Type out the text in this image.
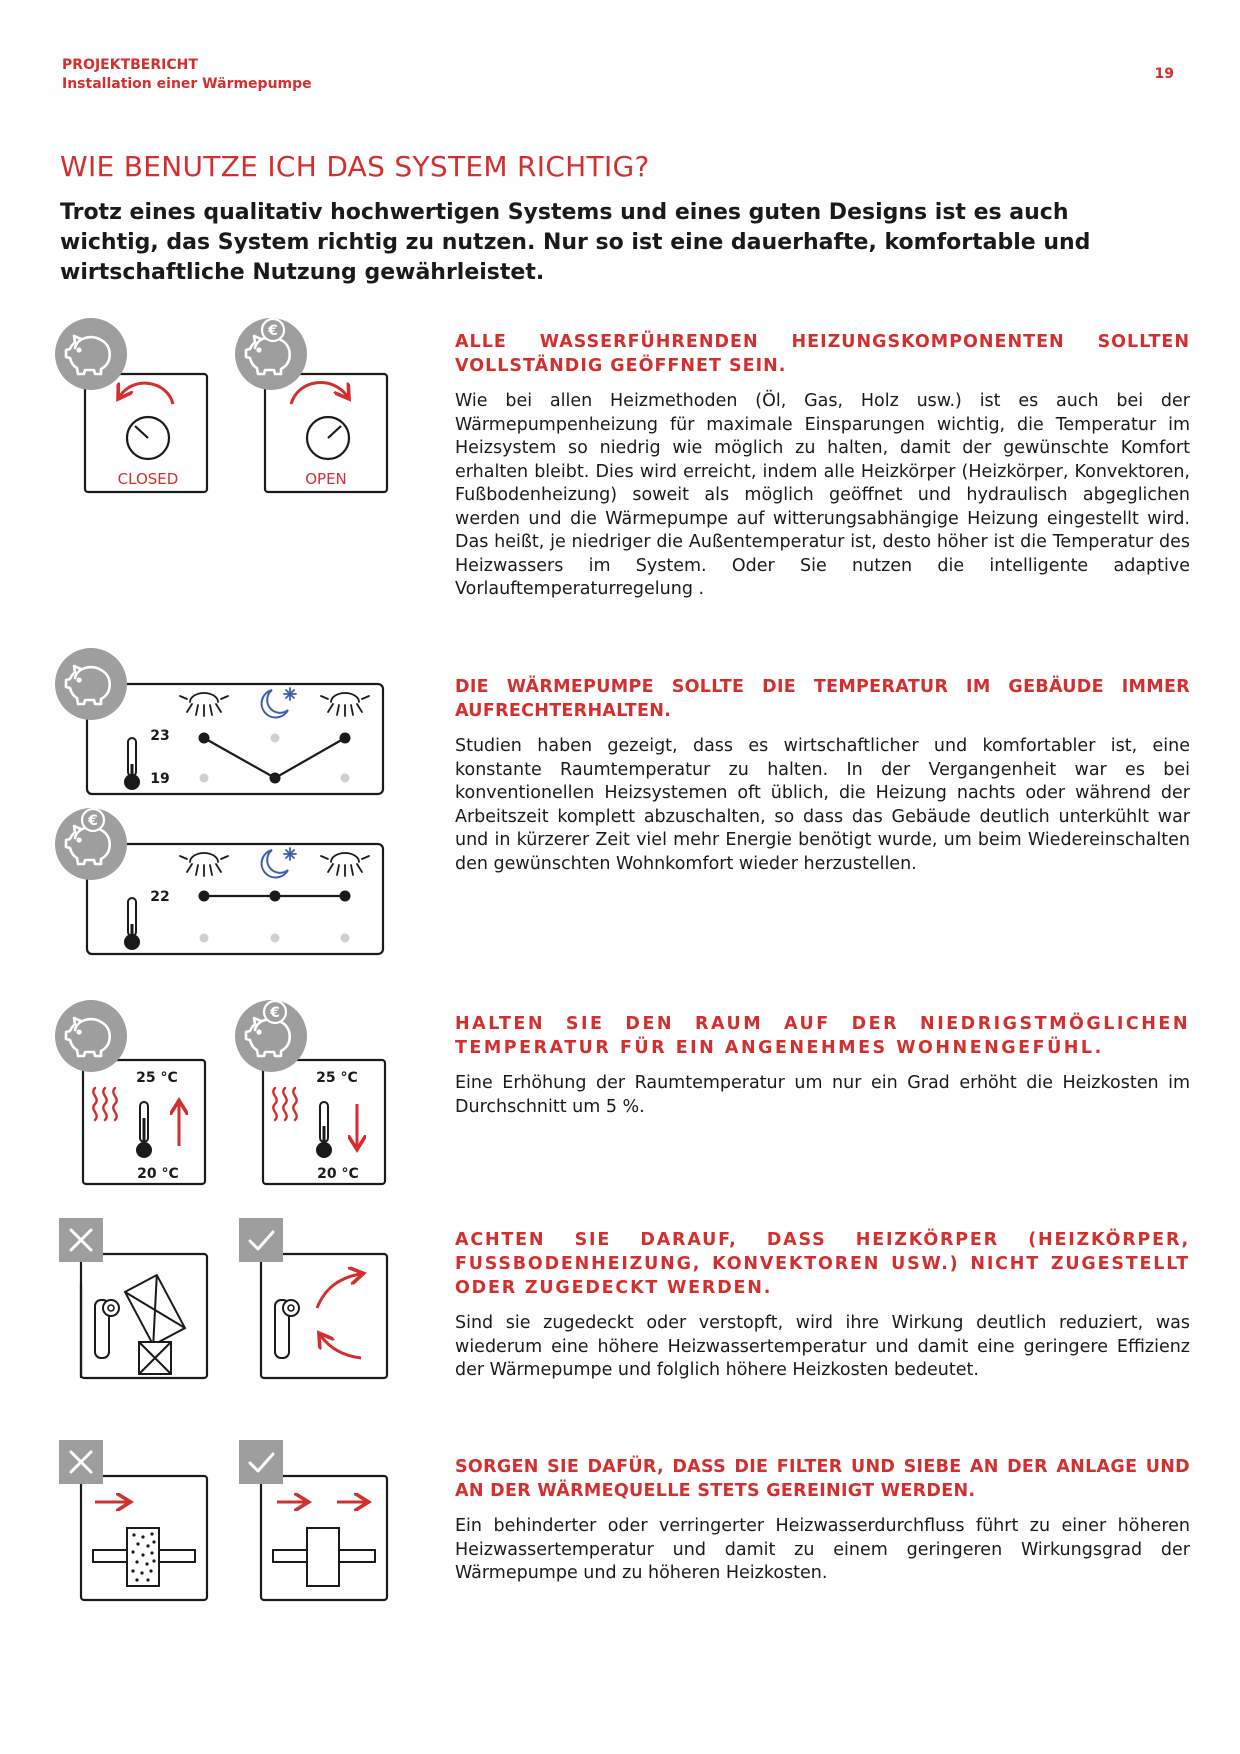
PROJEKTBERICHT
Installation einer Wärmepumpe
19
WIE BENUTZE ICH DAS SYSTEM RICHTIG?
Trotz eines qualitativ hochwertigen Systems und eines guten Designs ist es auch wichtig, das System richtig zu nutzen. Nur so ist eine dauerhafte, komfortable und wirtschaftliche Nutzung gewährleistet.
CLOSED	OPEN
ALLE WASSERFÜHRENDEN HEIZUNGSKOMPONENTEN SOLLTEN VOLLSTÄNDIG GEÖFFNET SEIN.

Wie bei allen Heizmethoden (Öl, Gas, Holz usw.) ist es auch bei der Wärmepumpenheizung für maximale Einsparungen wichtig, die Temperatur im Heizsystem so niedrig wie möglich zu halten, damit der gewünschte Komfort erhalten bleibt. Dies wird erreicht, indem alle Heizkörper (Heizkörper, Konvektoren, Fußbodenheizung) soweit als möglich geöffnet und hydraulisch abgeglichen werden und die Wärmepumpe auf witterungsabhängige Heizung eingestellt wird. Das heißt, je niedriger die Außentemperatur ist, desto höher ist die Temperatur des Heizwassers im System. Oder Sie nutzen die intelligente adaptive Vorlauftemperaturregelung .

23
19
22
DIE WÄRMEPUMPE SOLLTE DIE TEMPERATUR IM GEBÄUDE IMMER AUFRECHTERHALTEN.

Studien haben gezeigt, dass es wirtschaftlicher und komfortabler ist, eine konstante Raumtemperatur zu halten. In der Vergangenheit war es bei konventionellen Heizsystemen oft üblich, die Heizung nachts oder während der Arbeitszeit komplett abzuschalten, so dass das Gebäude deutlich unterkühlt war und in kürzerer Zeit viel mehr Energie benötigt wurde, um beim Wiedereinschalten den gewünschten Wohnkomfort wieder herzustellen.

25 °C
20 °C
25 °C
20 °C
HALTEN SIE DEN RAUM AUF DER NIEDRIGSTMÖGLICHEN TEMPERATUR FÜR EIN ANGENEHMES WOHNENGEFÜHL.

Eine Erhöhung der Raumtemperatur um nur ein Grad erhöht die Heizkosten im Durchschnitt um 5 %.

ACHTEN SIE DARAUF, DASS HEIZKÖRPER (HEIZKÖRPER, FUSSBODENHEIZUNG, KONVEKTOREN USW.) NICHT ZUGESTELLT ODER ZUGEDECKT WERDEN.

Sind sie zugedeckt oder verstopft, wird ihre Wirkung deutlich reduziert, was wiederum eine höhere Heizwassertemperatur und damit eine geringere Effizienz der Wärmepumpe und folglich höhere Heizkosten bedeutet.

SORGEN SIE DAFÜR, DASS DIE FILTER UND SIEBE AN DER ANLAGE UND AN DER WÄRMEQUELLE STETS GEREINIGT WERDEN.

Ein behinderter oder verringerter Heizwasserdurchfluss führt zu einer höheren Heizwassertemperatur und damit zu einem geringeren Wirkungsgrad der Wärmepumpe und zu höheren Heizkosten.
